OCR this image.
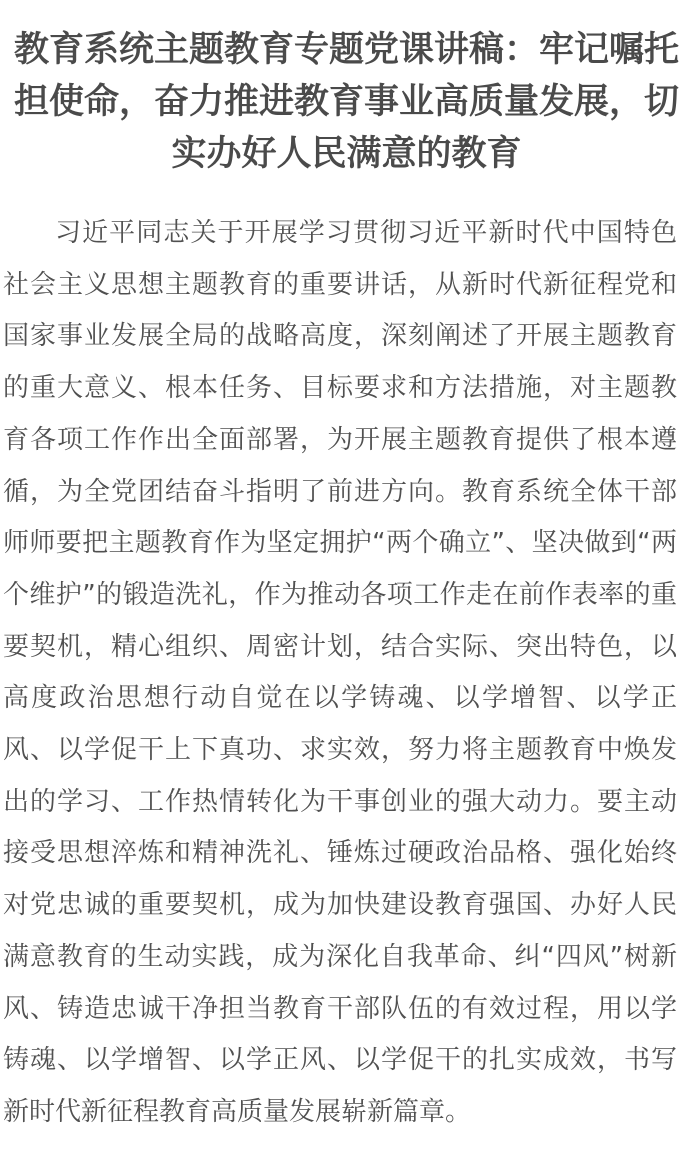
教育系统主题教育专题党课讲稿：牢记嘱托担使命，奋力推进教育事业高质量发展，切实办好人民满意的教育

习近平同志关于开展学习贯彻习近平新时代中国特色社会主义思想主题教育的重要讲话，从新时代新征程党和国家事业发展全局的战略高度，深刻阐述了开展主题教育的重大意义、根本任务、目标要求和方法措施，对主题教育各项工作作出全面部署，为开展主题教育提供了根本遵循，为全党团结奋斗指明了前进方向。教育系统全体干部师师要把主题教育作为坚定拥护“两个确立”、坚决做到“两个维护”的锻造洗礼，作为推动各项工作走在前作表率的重要契机，精心组织、周密计划，结合实际、突出特色，以高度政治思想行动自觉在以学铸魂、以学增智、以学正风、以学促干上下真功、求实效，努力将主题教育中焕发出的学习、工作热情转化为干事创业的强大动力。要主动接受思想淬炼和精神洗礼、锤炼过硬政治品格、强化始终对党忠诚的重要契机，成为加快建设教育强国、办好人民满意教育的生动实践，成为深化自我革命、纠“四风”树新风、铸造忠诚干净担当教育干部队伍的有效过程，用以学铸魂、以学增智、以学正风、以学促干的扎实成效，书写新时代新征程教育高质量发展崭新篇章。
